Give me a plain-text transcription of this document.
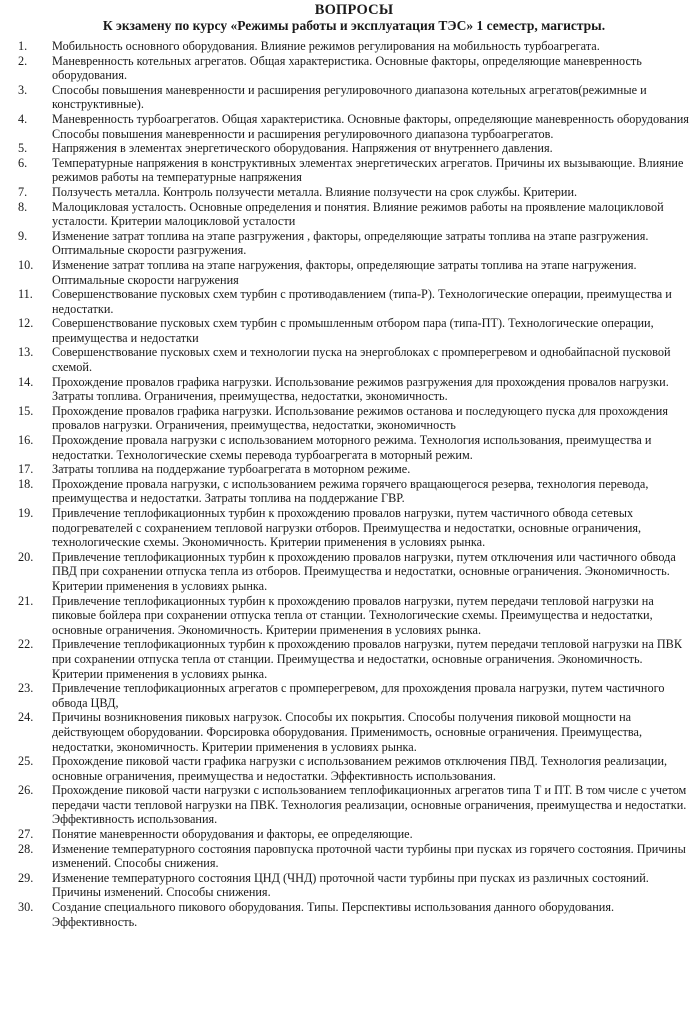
ВОПРОСЫ
К экзамену по курсу «Режимы работы и эксплуатация ТЭС» 1 семестр, магистры.
1.	Мобильность основного оборудования. Влияние режимов регулирования на мобильность турбоагрегата.
2.	Маневренность котельных агрегатов. Общая характеристика. Основные факторы, определяющие маневренность оборудования.
3.	Способы повышения маневренности и расширения регулировочного диапазона котельных агрегатов(режимные и конструктивные).
4.	Маневренность турбоагрегатов. Общая характеристика. Основные факторы, определяющие маневренность оборудования Способы повышения маневренности и расширения регулировочного диапазона турбоагрегатов.
5.	Напряжения в элементах энергетического оборудования. Напряжения от внутреннего давления.
6.	Температурные напряжения в конструктивных элементах энергетических агрегатов. Причины их вызывающие. Влияние режимов работы на температурные напряжения
7.	Ползучесть металла. Контроль ползучести металла. Влияние ползучести на срок службы. Критерии.
8.	Малоцикловая усталость. Основные определения и понятия. Влияние режимов работы на проявление малоцикловой усталости. Критерии малоцикловой усталости
9.	Изменение затрат топлива на этапе разгружения , факторы, определяющие затраты топлива на этапе разгружения. Оптимальные скорости разгружения.
10.	Изменение затрат топлива на этапе нагружения, факторы, определяющие затраты топлива на этапе нагружения. Оптимальные скорости нагружения
11.	Совершенствование пусковых схем турбин с противодавлением (типа-Р). Технологические операции, преимущества и недостатки.
12.	Совершенствование пусковых схем турбин с промышленным отбором пара (типа-ПТ). Технологические операции, преимущества и недостатки
13.	Совершенствование пусковых схем и технологии пуска на энергоблоках с промперегревом и однобайпасной пусковой схемой.
14.	Прохождение провалов графика нагрузки. Использование режимов разгружения для прохождения провалов нагрузки. Затраты топлива. Ограничения, преимущества, недостатки, экономичность.
15.	Прохождение провалов графика нагрузки. Использование режимов останова и последующего пуска для прохождения провалов нагрузки. Ограничения, преимущества, недостатки, экономичность
16.	Прохождение провала нагрузки с использованием моторного режима. Технология использования, преимущества и недостатки. Технологические схемы перевода турбоагрегата в моторный режим.
17.	Затраты топлива на поддержание турбоагрегата в моторном режиме.
18.	Прохождение провала нагрузки, с использованием режима горячего вращающегося резерва, технология перевода, преимущества и недостатки. Затраты топлива на поддержание ГВР.
19.	Привлечение теплофикационных турбин к прохождению провалов нагрузки, путем частичного обвода сетевых подогревателей с сохранением тепловой нагрузки отборов. Преимущества и недостатки, основные ограничения, технологические схемы. Экономичность. Критерии применения в условиях рынка.
20.	Привлечение теплофикационных турбин к прохождению провалов нагрузки, путем отключения или частичного обвода ПВД при сохранении отпуска тепла из отборов. Преимущества и недостатки, основные ограничения. Экономичность. Критерии применения в условиях рынка.
21.	Привлечение теплофикационных турбин к прохождению провалов нагрузки, путем передачи тепловой нагрузки на пиковые бойлера при сохранении отпуска тепла от станции. Технологические схемы. Преимущества и недостатки, основные ограничения. Экономичность. Критерии применения в условиях рынка.
22.	Привлечение теплофикационных турбин к прохождению провалов нагрузки, путем передачи тепловой нагрузки на ПВК при сохранении отпуска тепла от станции. Преимущества и недостатки, основные ограничения. Экономичность. Критерии применения в условиях рынка.
23.	Привлечение теплофикационных агрегатов с промперегревом, для прохождения провала нагрузки, путем частичного обвода ЦВД,
24.	Причины возникновения пиковых нагрузок. Способы их покрытия. Способы получения пиковой мощности на действующем оборудовании. Форсировка оборудования. Применимость, основные ограничения. Преимущества, недостатки, экономичность. Критерии применения в условиях рынка.
25.	Прохождение пиковой части графика нагрузки с использованием режимов отключения ПВД. Технология реализации, основные ограничения, преимущества и недостатки. Эффективность использования.
26.	Прохождение пиковой части нагрузки с использованием теплофикационных агрегатов типа Т и ПТ. В том числе с учетом передачи части тепловой нагрузки на ПВК. Технология реализации, основные ограничения, преимущества и недостатки. Эффективность использования.
27.	Понятие маневренности оборудования и факторы, ее определяющие.
28.	Изменение температурного состояния паровпуска проточной части турбины при пусках из горячего состояния. Причины изменений. Способы снижения.
29.	Изменение температурного состояния ЦНД (ЧНД) проточной части турбины при пусках из различных состояний. Причины изменений. Способы снижения.
30.	Создание специального пикового оборудования. Типы. Перспективы использования данного оборудования. Эффективность.
